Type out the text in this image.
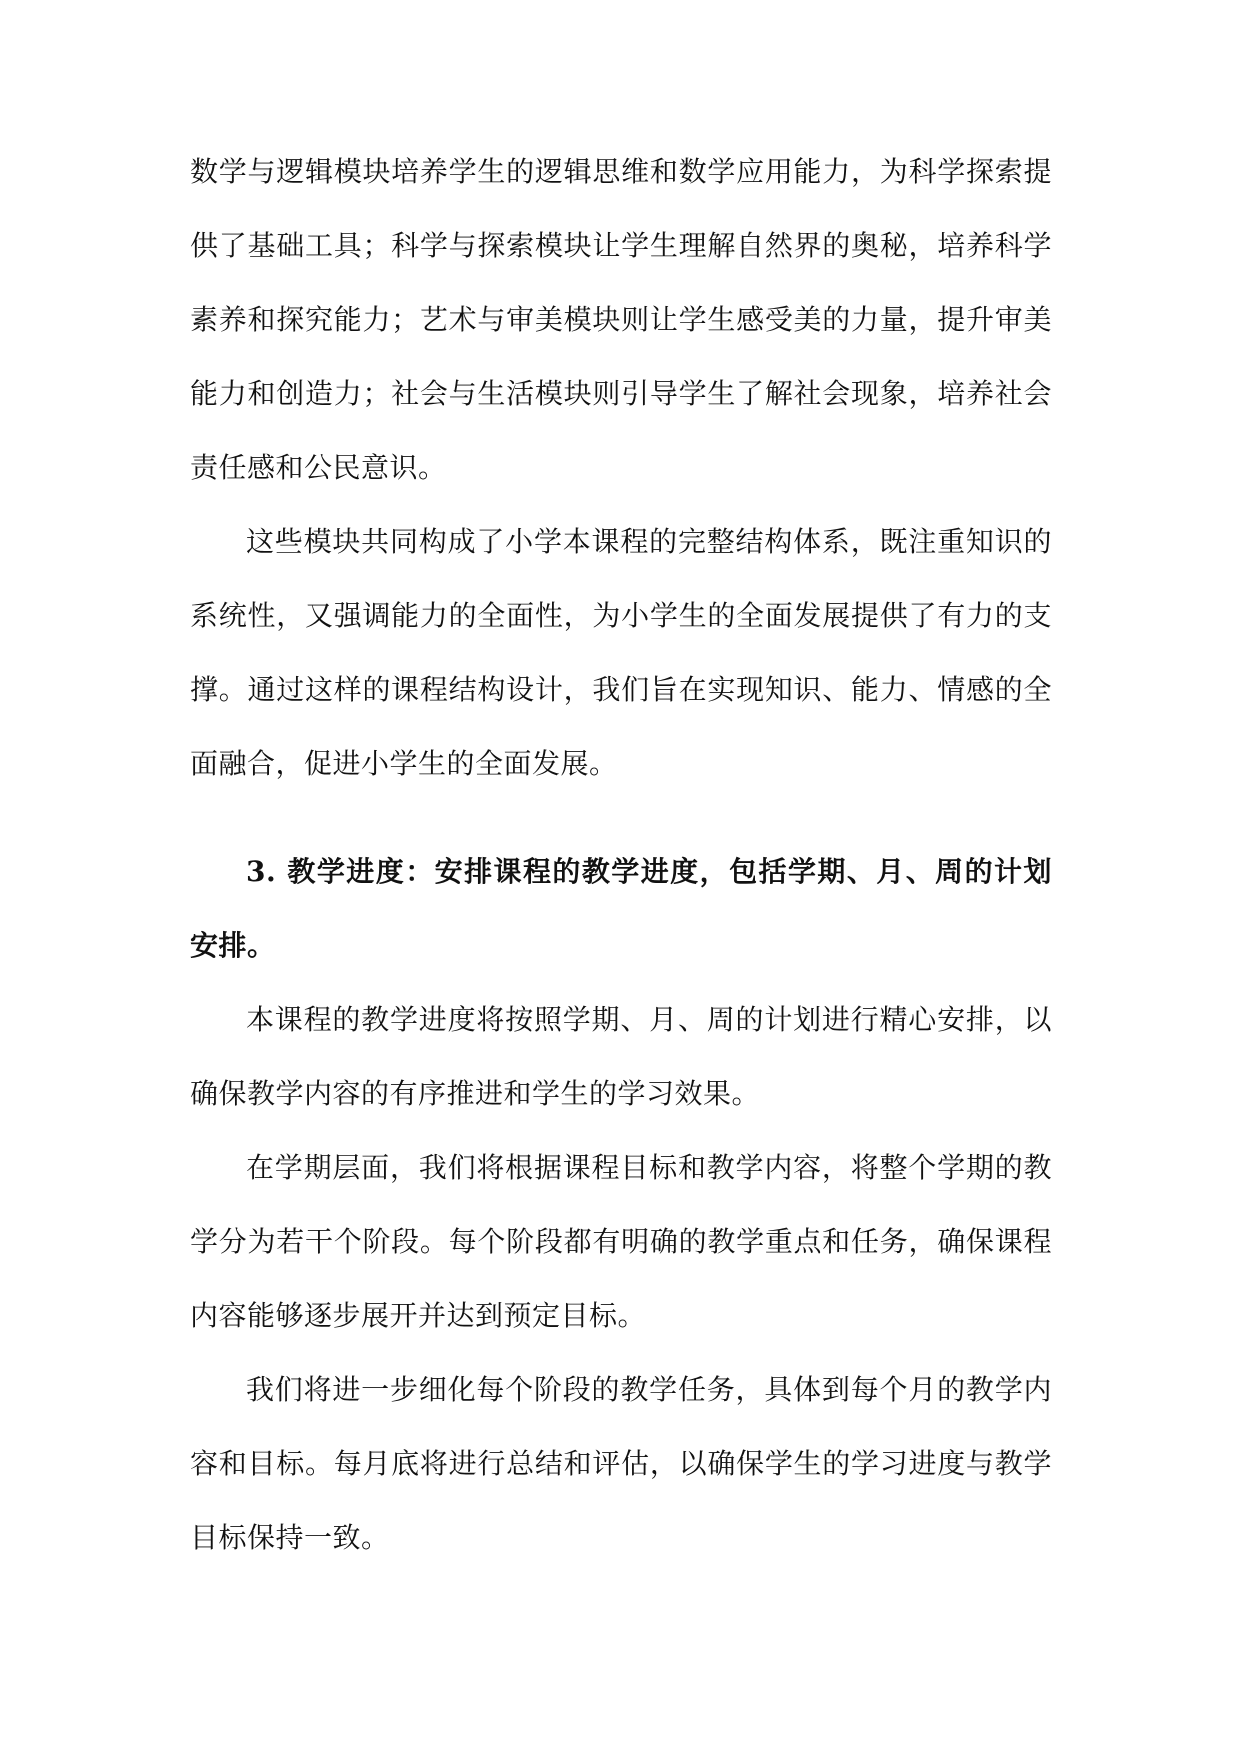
数学与逻辑模块培养学生的逻辑思维和数学应用能力，为科学探索提供了基础工具；科学与探索模块让学生理解自然界的奥秘，培养科学素养和探究能力；艺术与审美模块则让学生感受美的力量，提升审美能力和创造力；社会与生活模块则引导学生了解社会现象，培养社会责任感和公民意识。

这些模块共同构成了小学本课程的完整结构体系，既注重知识的系统性，又强调能力的全面性，为小学生的全面发展提供了有力的支撑。通过这样的课程结构设计，我们旨在实现知识、能力、情感的全面融合，促进小学生的全面发展。

3. 教学进度：安排课程的教学进度，包括学期、月、周的计划安排。

本课程的教学进度将按照学期、月、周的计划进行精心安排，以确保教学内容的有序推进和学生的学习效果。

在学期层面，我们将根据课程目标和教学内容，将整个学期的教学分为若干个阶段。每个阶段都有明确的教学重点和任务，确保课程内容能够逐步展开并达到预定目标。

我们将进一步细化每个阶段的教学任务，具体到每个月的教学内容和目标。每月底将进行总结和评估，以确保学生的学习进度与教学目标保持一致。
